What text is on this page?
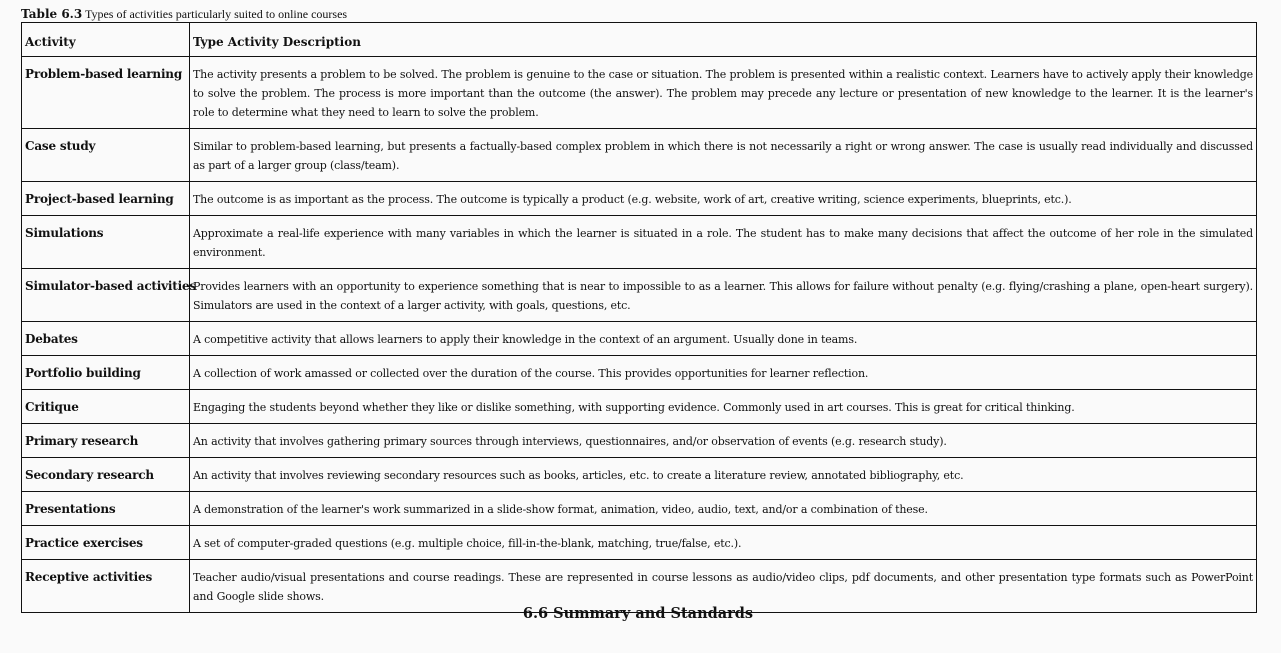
Table 6.3 Types of activities particularly suited to online courses
Activity	Type Activity Description
Problem-based learning	The activity presents a problem to be solved. The problem is genuine to the case or situation. The problem is presented within a realistic context. Learners have to actively apply their knowledge to solve the problem. The process is more important than the outcome (the answer). The problem may precede any lecture or presentation of new knowledge to the learner. It is the learner's role to determine what they need to learn to solve the problem.
Case study	Similar to problem-based learning, but presents a factually-based complex problem in which there is not necessarily a right or wrong answer. The case is usually read individually and discussed as part of a larger group (class/team).
Project-based learning	The outcome is as important as the process. The outcome is typically a product (e.g. website, work of art, creative writing, science experiments, blueprints, etc.).
Simulations	Approximate a real-life experience with many variables in which the learner is situated in a role. The student has to make many decisions that affect the outcome of her role in the simulated environment.
Simulator-based activities	Provides learners with an opportunity to experience something that is near to impossible to as a learner. This allows for failure without penalty (e.g. flying/crashing a plane, open-heart surgery). Simulators are used in the context of a larger activity, with goals, questions, etc.
Debates	A competitive activity that allows learners to apply their knowledge in the context of an argument. Usually done in teams.
Portfolio building	A collection of work amassed or collected over the duration of the course. This provides opportunities for learner reflection.
Critique	Engaging the students beyond whether they like or dislike something, with supporting evidence. Commonly used in art courses. This is great for critical thinking.
Primary research	An activity that involves gathering primary sources through interviews, questionnaires, and/or observation of events (e.g. research study).
Secondary research	An activity that involves reviewing secondary resources such as books, articles, etc. to create a literature review, annotated bibliography, etc.
Presentations	A demonstration of the learner's work summarized in a slide-show format, animation, video, audio, text, and/or a combination of these.
Practice exercises	A set of computer-graded questions (e.g. multiple choice, fill-in-the-blank, matching, true/false, etc.).
Receptive activities	Teacher audio/visual presentations and course readings. These are represented in course lessons as audio/video clips, pdf documents, and other presentation type formats such as PowerPoint and Google slide shows.
6.6 Summary and Standards
